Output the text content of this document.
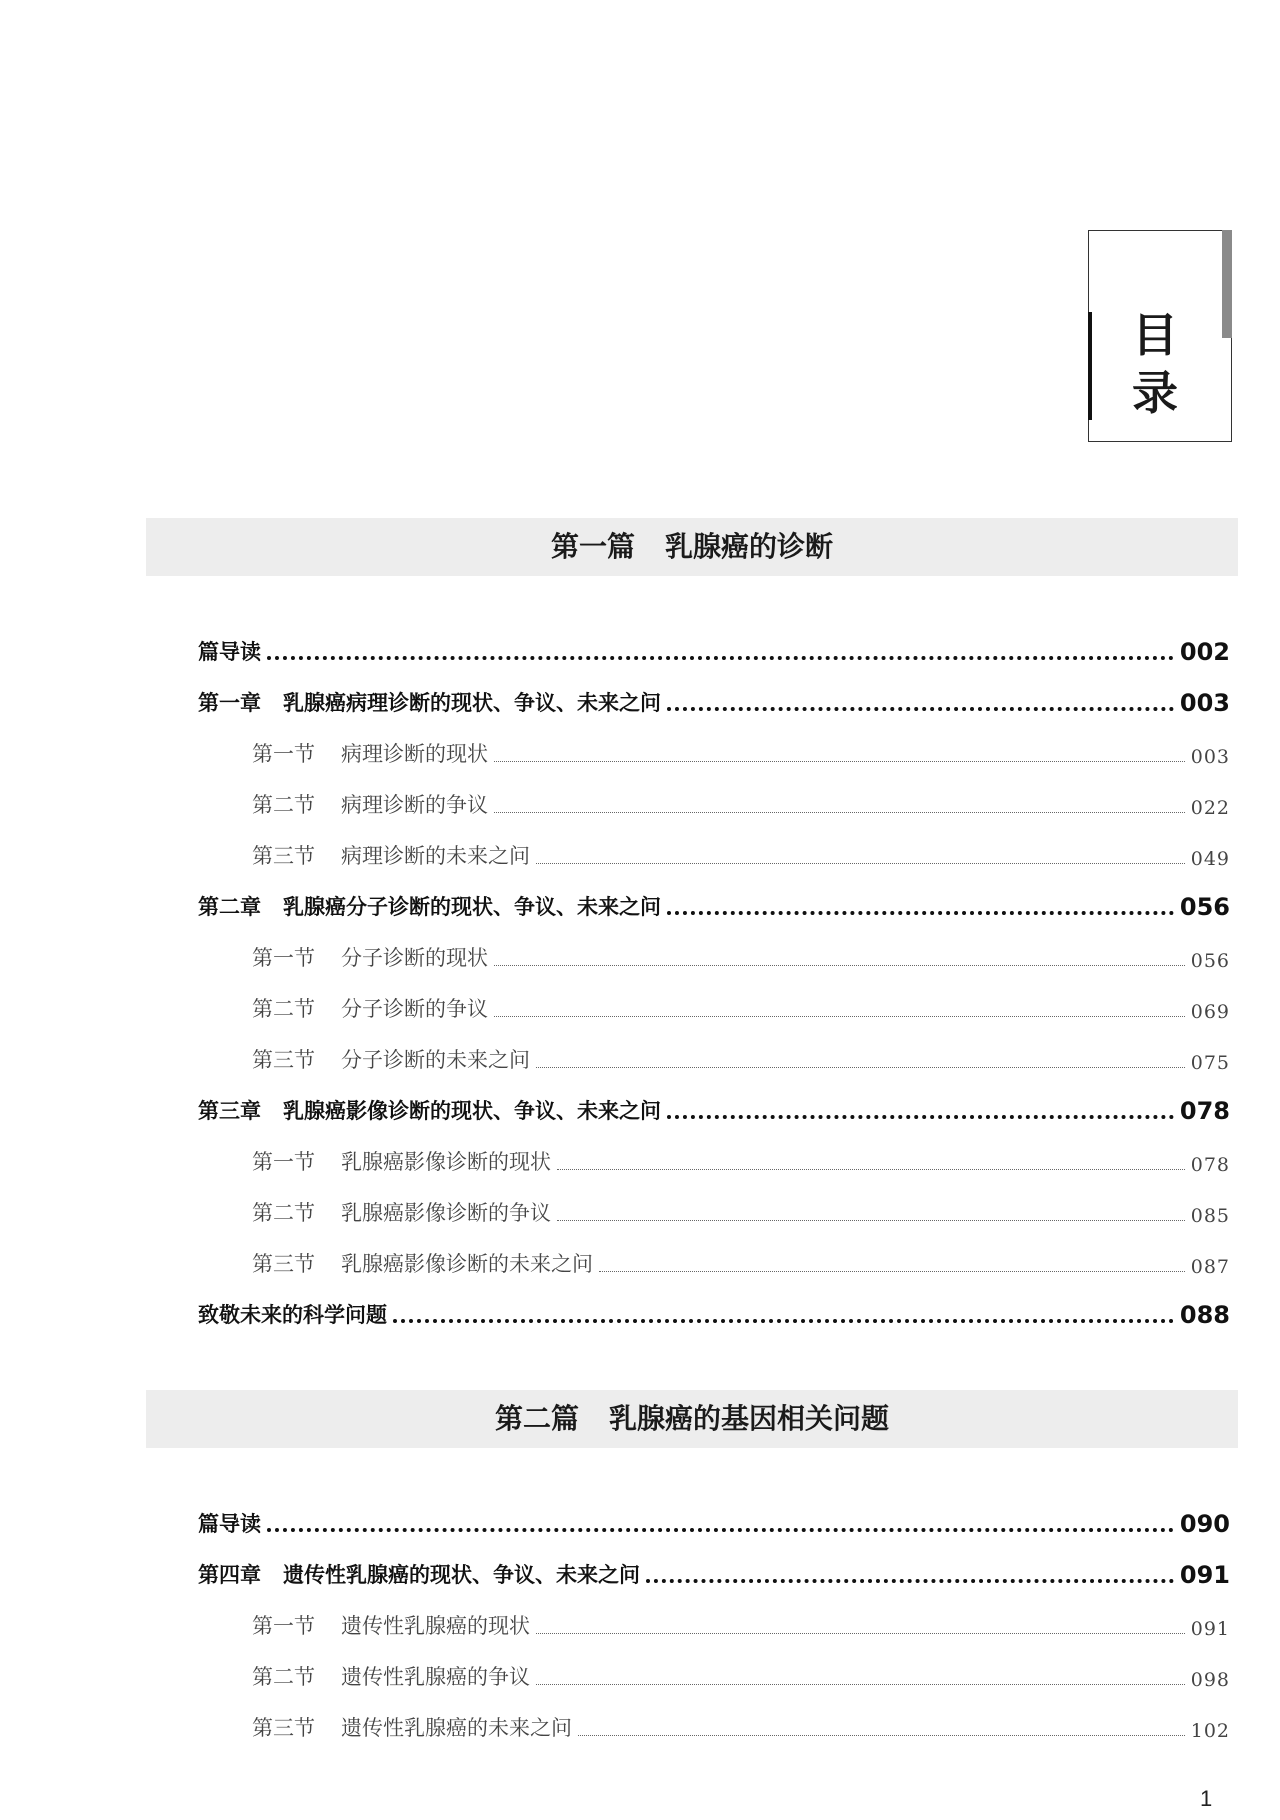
目
录
第一篇 乳腺癌的诊断
篇导读	002
第一章 乳腺癌病理诊断的现状、争议、未来之问	003
第一节 病理诊断的现状	003
第二节 病理诊断的争议	022
第三节 病理诊断的未来之问	049
第二章 乳腺癌分子诊断的现状、争议、未来之问	056
第一节 分子诊断的现状	056
第二节 分子诊断的争议	069
第三节 分子诊断的未来之问	075
第三章 乳腺癌影像诊断的现状、争议、未来之问	078
第一节 乳腺癌影像诊断的现状	078
第二节 乳腺癌影像诊断的争议	085
第三节 乳腺癌影像诊断的未来之问	087
致敬未来的科学问题	088
第二篇 乳腺癌的基因相关问题
篇导读	090
第四章 遗传性乳腺癌的现状、争议、未来之问	091
第一节 遗传性乳腺癌的现状	091
第二节 遗传性乳腺癌的争议	098
第三节 遗传性乳腺癌的未来之问	102
1
